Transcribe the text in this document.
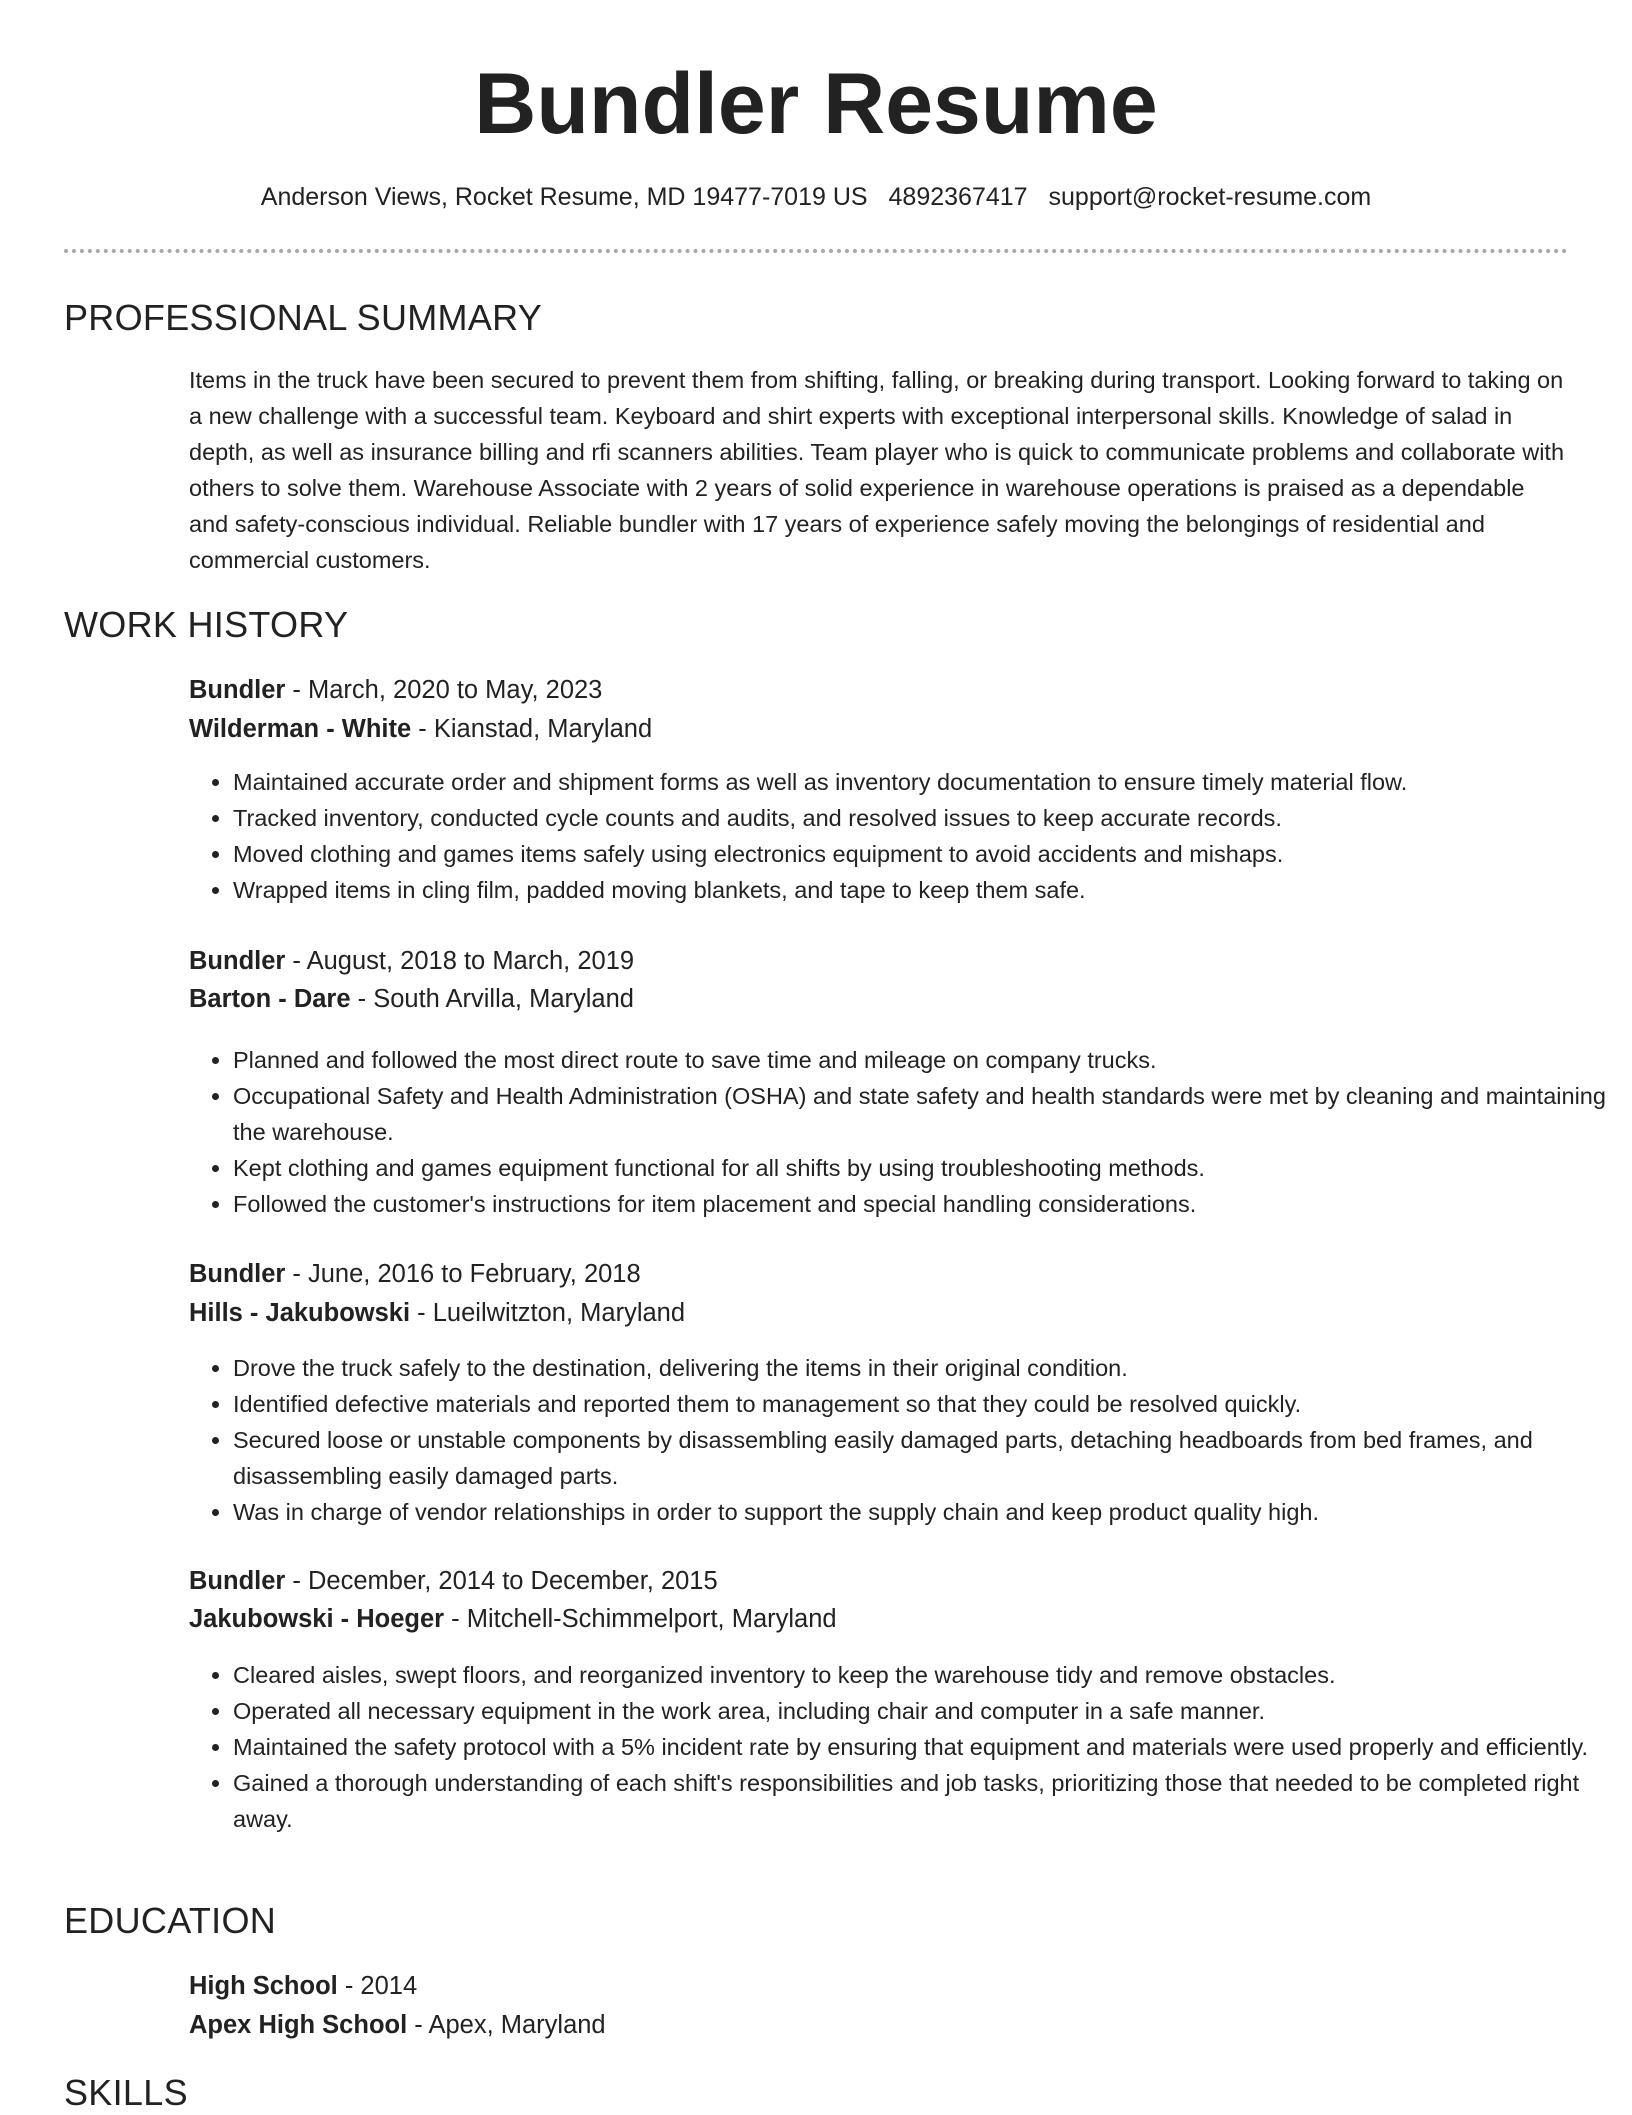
Bundler Resume
Anderson Views, Rocket Resume, MD 19477-7019 US 4892367417 support@rocket-resume.com
PROFESSIONAL SUMMARY

Items in the truck have been secured to prevent them from shifting, falling, or breaking during transport. Looking forward to taking on a new challenge with a successful team. Keyboard and shirt experts with exceptional interpersonal skills. Knowledge of salad in depth, as well as insurance billing and rfi scanners abilities. Team player who is quick to communicate problems and collaborate with others to solve them. Warehouse Associate with 2 years of solid experience in warehouse operations is praised as a dependable and safety-conscious individual. Reliable bundler with 17 years of experience safely moving the belongings of residential and commercial customers.

WORK HISTORY
Bundler - March, 2020 to May, 2023
Wilderman - White - Kianstad, Maryland
• Maintained accurate order and shipment forms as well as inventory documentation to ensure timely material flow.
• Tracked inventory, conducted cycle counts and audits, and resolved issues to keep accurate records.
• Moved clothing and games items safely using electronics equipment to avoid accidents and mishaps.
• Wrapped items in cling film, padded moving blankets, and tape to keep them safe.
Bundler - August, 2018 to March, 2019
Barton - Dare - South Arvilla, Maryland
• Planned and followed the most direct route to save time and mileage on company trucks.
• Occupational Safety and Health Administration (OSHA) and state safety and health standards were met by cleaning and maintaining the warehouse.
• Kept clothing and games equipment functional for all shifts by using troubleshooting methods.
• Followed the customer's instructions for item placement and special handling considerations.
Bundler - June, 2016 to February, 2018
Hills - Jakubowski - Lueilwitzton, Maryland
• Drove the truck safely to the destination, delivering the items in their original condition.
• Identified defective materials and reported them to management so that they could be resolved quickly.
• Secured loose or unstable components by disassembling easily damaged parts, detaching headboards from bed frames, and disassembling easily damaged parts.
• Was in charge of vendor relationships in order to support the supply chain and keep product quality high.
Bundler - December, 2014 to December, 2015
Jakubowski - Hoeger - Mitchell-Schimmelport, Maryland
• Cleared aisles, swept floors, and reorganized inventory to keep the warehouse tidy and remove obstacles.
• Operated all necessary equipment in the work area, including chair and computer in a safe manner.
• Maintained the safety protocol with a 5% incident rate by ensuring that equipment and materials were used properly and efficiently.
• Gained a thorough understanding of each shift's responsibilities and job tasks, prioritizing those that needed to be completed right away.
EDUCATION
High School - 2014
Apex High School - Apex, Maryland
SKILLS
